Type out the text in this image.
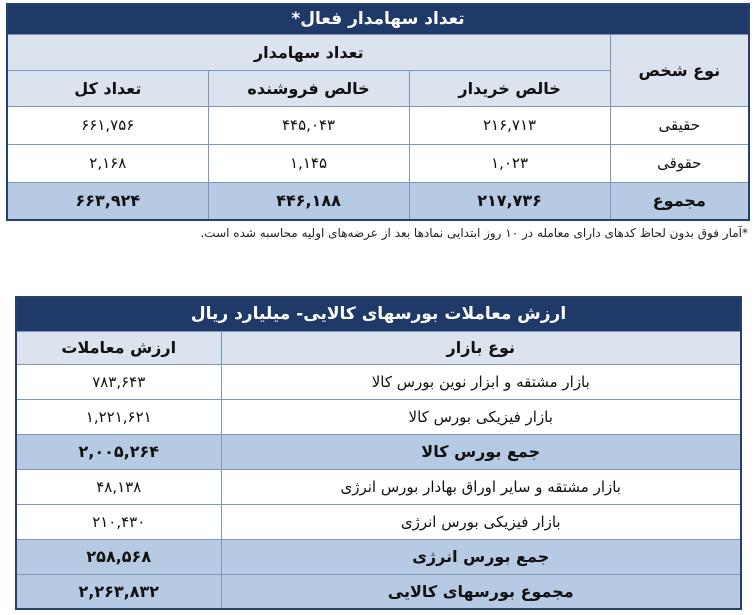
تعداد سهامدار فعال*			
نوع شخص	تعداد سهامدار		
	خالص خریدار	خالص فروشنده	تعداد کل
حقیقی	۲۱۶,۷۱۳	۴۴۵,۰۴۳	۶۶۱,۷۵۶
حقوقی	۱,۰۲۳	۱,۱۴۵	۲,۱۶۸
مجموع	۲۱۷,۷۳۶	۴۴۶,۱۸۸	۶۶۳,۹۲۴
*آمار فوق بدون لحاظ کدهای دارای معامله در ۱۰ روز ابتدایی نمادها بعد از عرضه‌های اولیه محاسبه شده است.
ارزش معاملات بورسهای کالایی- میلیارد ریال	
نوع بازار	ارزش معاملات
بازار مشتقه و ابزار نوین بورس کالا	۷۸۳,۶۴۳
بازار فیزیکی بورس کالا	۱,۲۲۱,۶۲۱
جمع بورس کالا	۲,۰۰۵,۲۶۴
بازار مشتقه و سایر اوراق بهادار بورس انرژی	۴۸,۱۳۸
بازار فیزیکی بورس انرژی	۲۱۰,۴۳۰
جمع بورس انرژی	۲۵۸,۵۶۸
مجموع بورسهای کالایی	۲,۲۶۳,۸۳۲
